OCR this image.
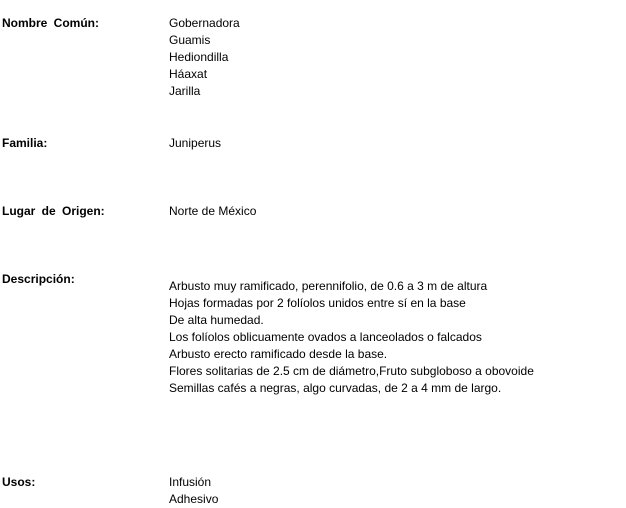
Nombre Común:	Gobernadora
Guamis
Hediondilla
Háaxat
Jarilla
Familia:	Juniperus
Lugar de Origen:	Norte de México
Descripción:	Arbusto muy ramificado, perennifolio, de 0.6 a 3 m de altura
Hojas formadas por 2 folíolos unidos entre sí en la base
De alta humedad.
Los folíolos oblicuamente ovados a lanceolados o falcados
Arbusto erecto ramificado desde la base.
Flores solitarias de 2.5 cm de diámetro,Fruto subgloboso a obovoide
Semillas cafés a negras, algo curvadas, de 2 a 4 mm de largo.
Usos:	Infusión
Adhesivo
